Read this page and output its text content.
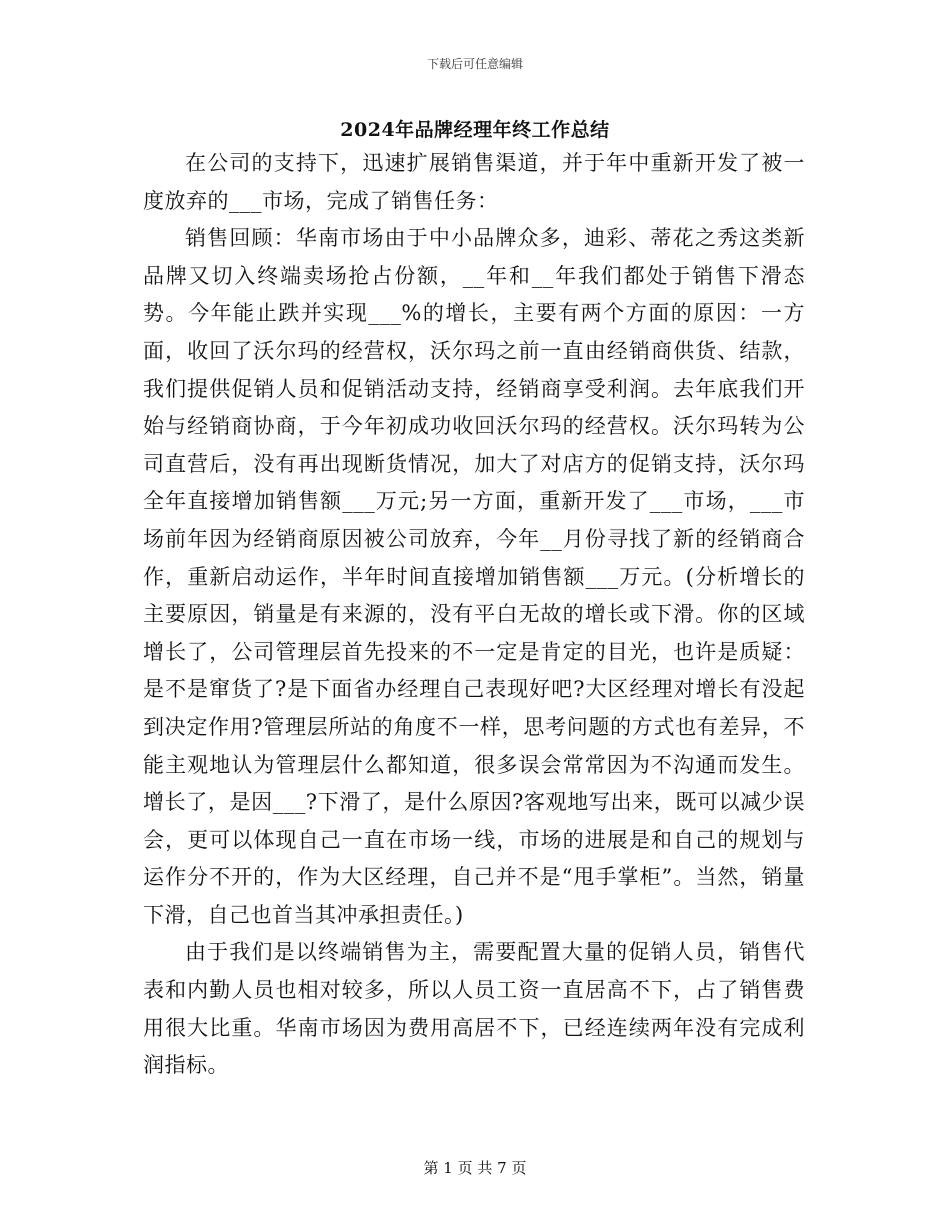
下载后可任意编辑
2024年品牌经理年终工作总结

在公司的支持下，迅速扩展销售渠道，并于年中重新开发了被一度放弃的___市场，完成了销售任务：

销售回顾：华南市场由于中小品牌众多，迪彩、蒂花之秀这类新品牌又切入终端卖场抢占份额，__年和__年我们都处于销售下滑态势。今年能止跌并实现___%的增长，主要有两个方面的原因：一方面，收回了沃尔玛的经营权，沃尔玛之前一直由经销商供货、结款，我们提供促销人员和促销活动支持，经销商享受利润。去年底我们开始与经销商协商，于今年初成功收回沃尔玛的经营权。沃尔玛转为公司直营后，没有再出现断货情况，加大了对店方的促销支持，沃尔玛全年直接增加销售额___万元;另一方面，重新开发了___市场，___市场前年因为经销商原因被公司放弃，今年__月份寻找了新的经销商合作，重新启动运作，半年时间直接增加销售额___万元。(分析增长的主要原因，销量是有来源的，没有平白无故的增长或下滑。你的区域增长了，公司管理层首先投来的不一定是肯定的目光，也许是质疑：是不是窜货了?是下面省办经理自己表现好吧?大区经理对增长有没起到决定作用?管理层所站的角度不一样，思考问题的方式也有差异，不能主观地认为管理层什么都知道，很多误会常常因为不沟通而发生。增长了，是因___?下滑了，是什么原因?客观地写出来，既可以减少误会，更可以体现自己一直在市场一线，市场的进展是和自己的规划与运作分不开的，作为大区经理，自己并不是“甩手掌柜”。当然，销量下滑，自己也首当其冲承担责任。)

由于我们是以终端销售为主，需要配置大量的促销人员，销售代表和内勤人员也相对较多，所以人员工资一直居高不下，占了销售费用很大比重。华南市场因为费用高居不下，已经连续两年没有完成利润指标。

第 1 页 共 7 页
